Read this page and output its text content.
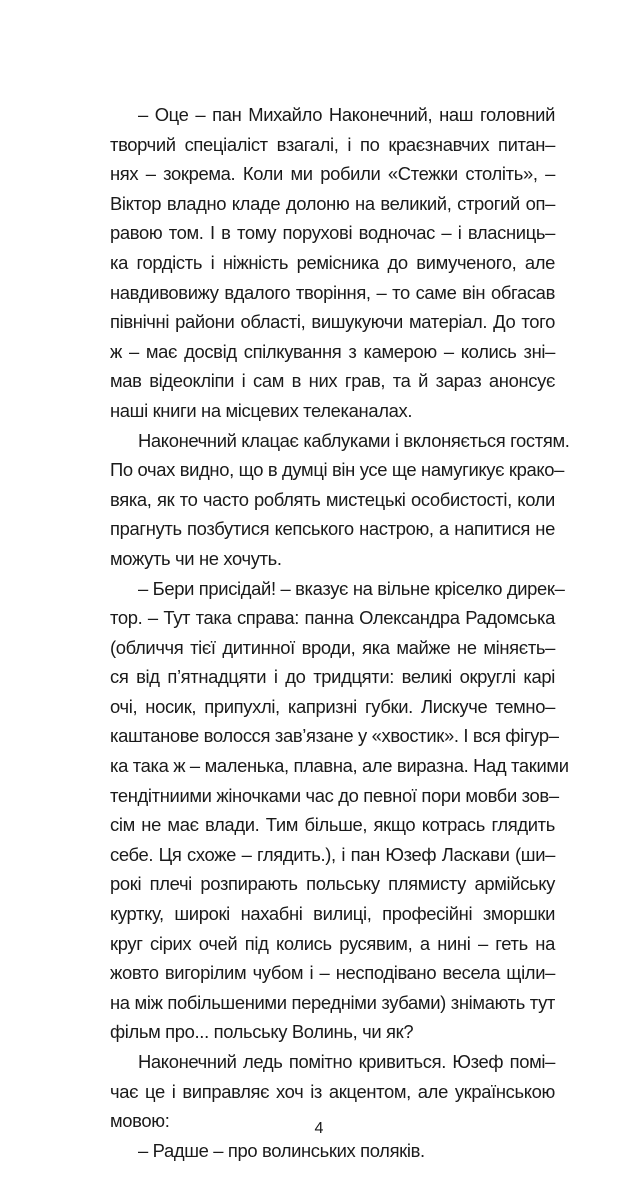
– Оце – пан Михайло Наконечний, наш головний
творчий спеціаліст взагалі, і по краєзнавчих питан–
нях – зокрема. Коли ми робили «Стежки століть», –
Віктор владно кладе долоню на великий, строгий оп–
равою том. І в тому порухові водночас – і власниць–
ка гордість і ніжність ремісника до вимученого, але
навдивовижу вдалого творіння, – то саме він обгасав
північні райони області, вишукуючи матеріал. До того
ж – має досвід спілкування з камерою – колись зні–
мав відеокліпи і сам в них грав, та й зараз анонсує
наші книги на місцевих телеканалах.
Наконечний клацає каблуками і вклоняється гостям.
По очах видно, що в думці він усе ще намугикує крако–
вяка, як то часто роблять мистецькі особистості, коли
прагнуть позбутися кепського настрою, а напитися не
можуть чи не хочуть.
– Бери присідай! – вказує на вільне кріселко дирек–
тор. – Тут така справа: панна Олександра Радомська
(обличчя тієї дитинної вроди, яка майже не міняєть–
ся від п’ятнадцяти і до тридцяти: великі округлі карі
очі, носик, припухлі, капризні губки. Лискуче темно–
каштанове волосся зав’язане у «хвостик». І вся фігур–
ка така ж – маленька, плавна, але виразна. Над такими
тендітниими жіночками час до певної пори мовби зов–
сім не має влади. Тим більше, якщо котрась глядить
себе. Ця схоже – глядить.), і пан Юзеф Ласкави (ши–
рокі плечі розпирають польську плямисту армійську
куртку, широкі нахабні вилиці, професійні зморшки
круг сірих очей під колись русявим, а нині – геть на
жовто вигорілим чубом і – несподівано весела щіли–
на між побільшеними передніми зубами) знімають тут
фільм про... польську Волинь, чи як?
Наконечний ледь помітно кривиться. Юзеф помі–
чає це і виправляє хоч із акцентом, але українською
мовою:
– Радше – про волинських поляків.
4
